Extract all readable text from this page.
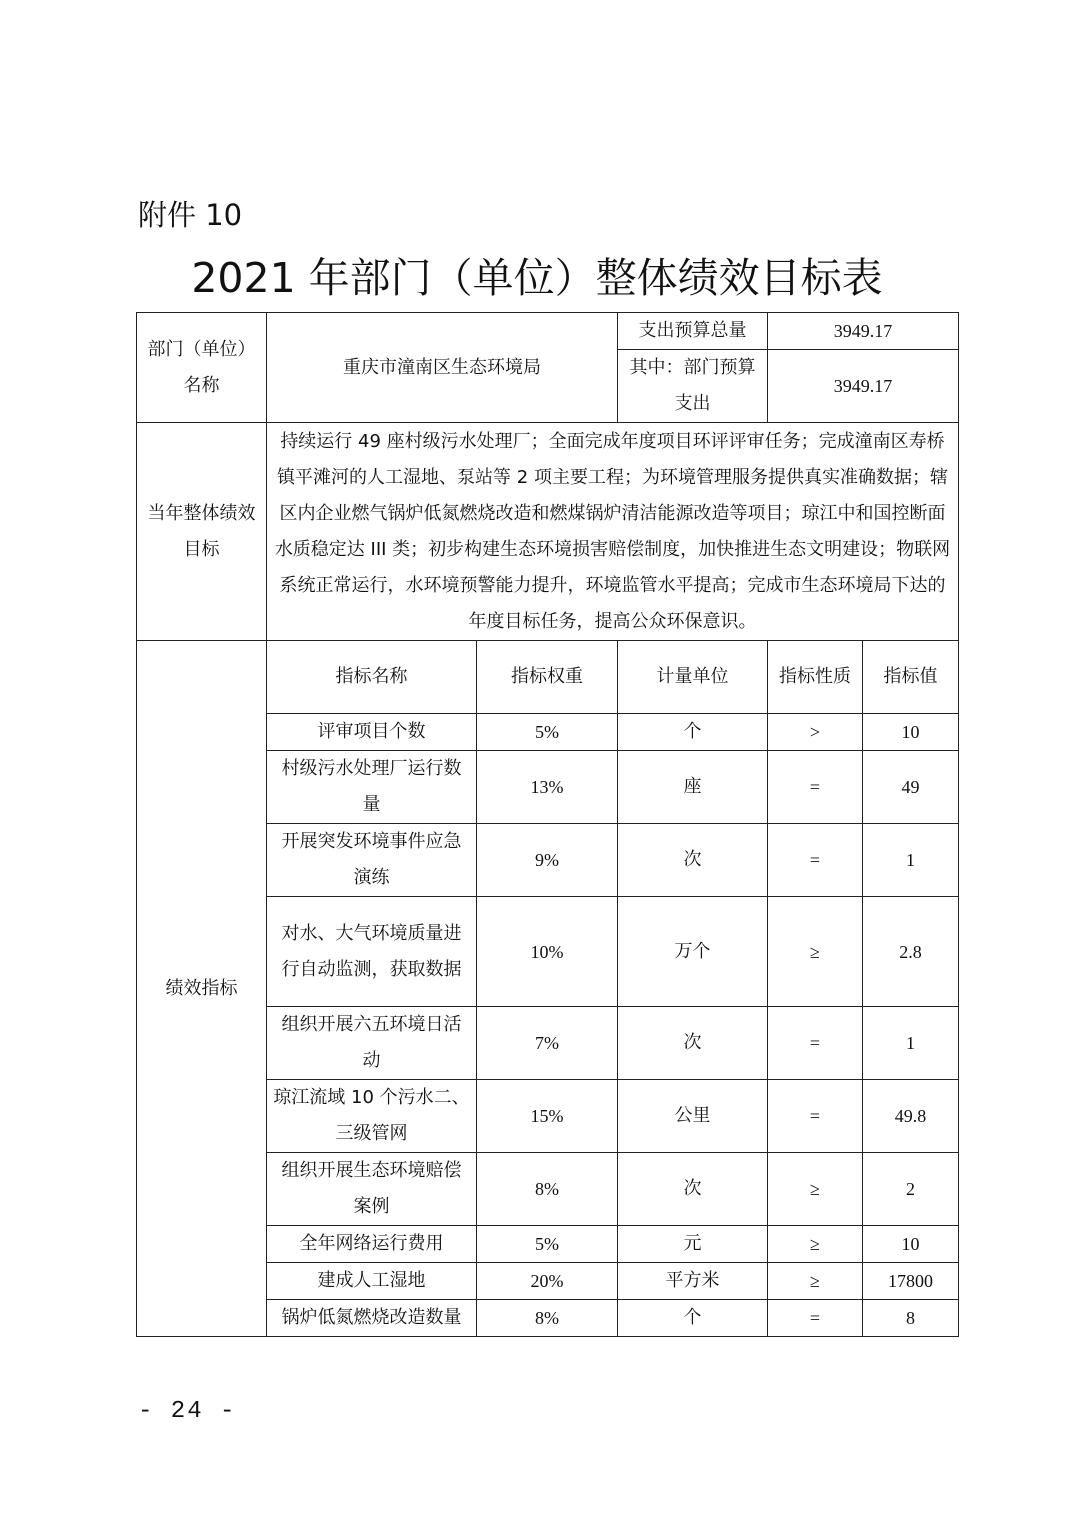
附件 10
2021 年部门（单位）整体绩效目标表
部门（单位）名称	重庆市潼南区生态环境局		支出预算总量	3949.17	
			其中：部门预算支出	3949.17	
当年整体绩效目标	持续运行 49 座村级污水处理厂；全面完成年度项目环评评审任务；完成潼南区寿桥镇平滩河的人工湿地、泵站等 2 项主要工程；为环境管理服务提供真实准确数据；辖区内企业燃气锅炉低氮燃烧改造和燃煤锅炉清洁能源改造等项目；琼江中和国控断面水质稳定达 III 类；初步构建生态环境损害赔偿制度，加快推进生态文明建设；物联网系统正常运行，水环境预警能力提升，环境监管水平提高；完成市生态环境局下达的年度目标任务，提高公众环保意识。				
绩效指标	指标名称	指标权重	计量单位	指标性质	指标值
	评审项目个数	5%	个	>	10
	村级污水处理厂运行数量	13%	座	=	49
	开展突发环境事件应急演练	9%	次	=	1
	对水、大气环境质量进行自动监测，获取数据	10%	万个	≥	2.8
	组织开展六五环境日活动	7%	次	=	1
	琼江流域 10 个污水二、三级管网	15%	公里	=	49.8
	组织开展生态环境赔偿案例	8%	次	≥	2
	全年网络运行费用	5%	元	≥	10
	建成人工湿地	20%	平方米	≥	17800
	锅炉低氮燃烧改造数量	8%	个	=	8
- 24 -
